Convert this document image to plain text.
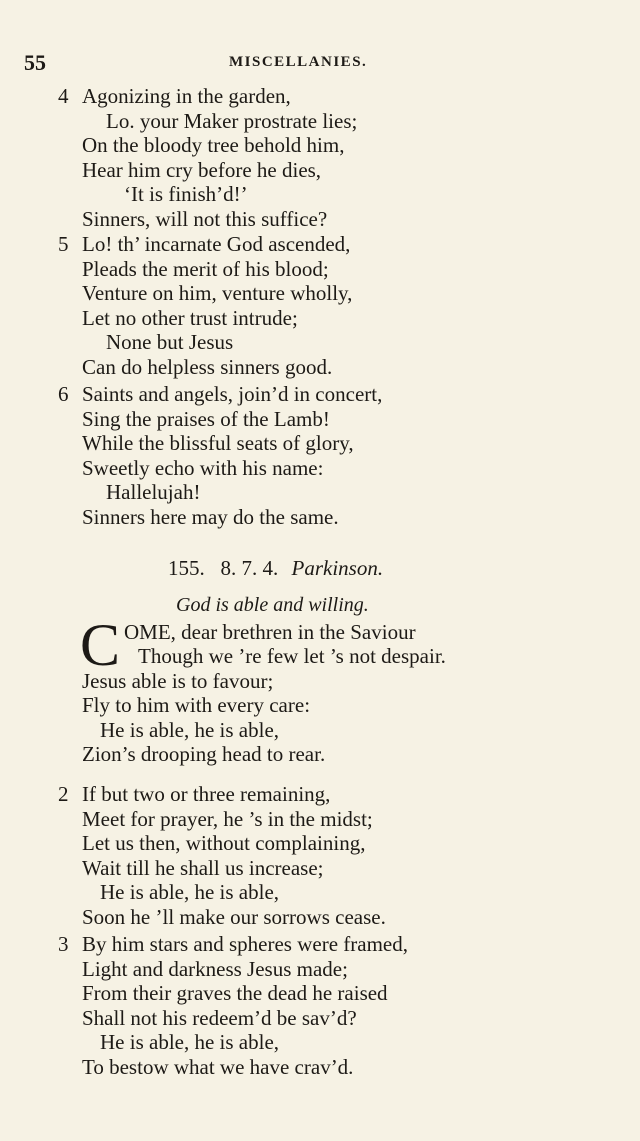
55	MISCELLANIES.
4 Agonizing in the garden,
Lo. your Maker prostrate lies;
On the bloody tree behold him,
Hear him cry before he dies,
‘It is finish’d!’
Sinners, will not this suffice?
5 Lo! th’ incarnate God ascended,
Pleads the merit of his blood;
Venture on him, venture wholly,
Let no other trust intrude;
None but Jesus
Can do helpless sinners good.
6 Saints and angels, join’d in concert,
Sing the praises of the Lamb!
While the blissful seats of glory,
Sweetly echo with his name:
Hallelujah!
Sinners here may do the same.
155. 8. 7. 4. Parkinson.
God is able and willing.
C OME, dear brethren in the Saviour
Though we ’re few let ’s not despair.
Jesus able is to favour;
Fly to him with every care:
He is able, he is able,
Zion’s drooping head to rear.
2 If but two or three remaining,
Meet for prayer, he ’s in the midst;
Let us then, without complaining,
Wait till he shall us increase;
He is able, he is able,
Soon he ’ll make our sorrows cease.
3 By him stars and spheres were framed,
Light and darkness Jesus made;
From their graves the dead he raised
Shall not his redeem’d be sav’d?
He is able, he is able,
To bestow what we have crav’d.
